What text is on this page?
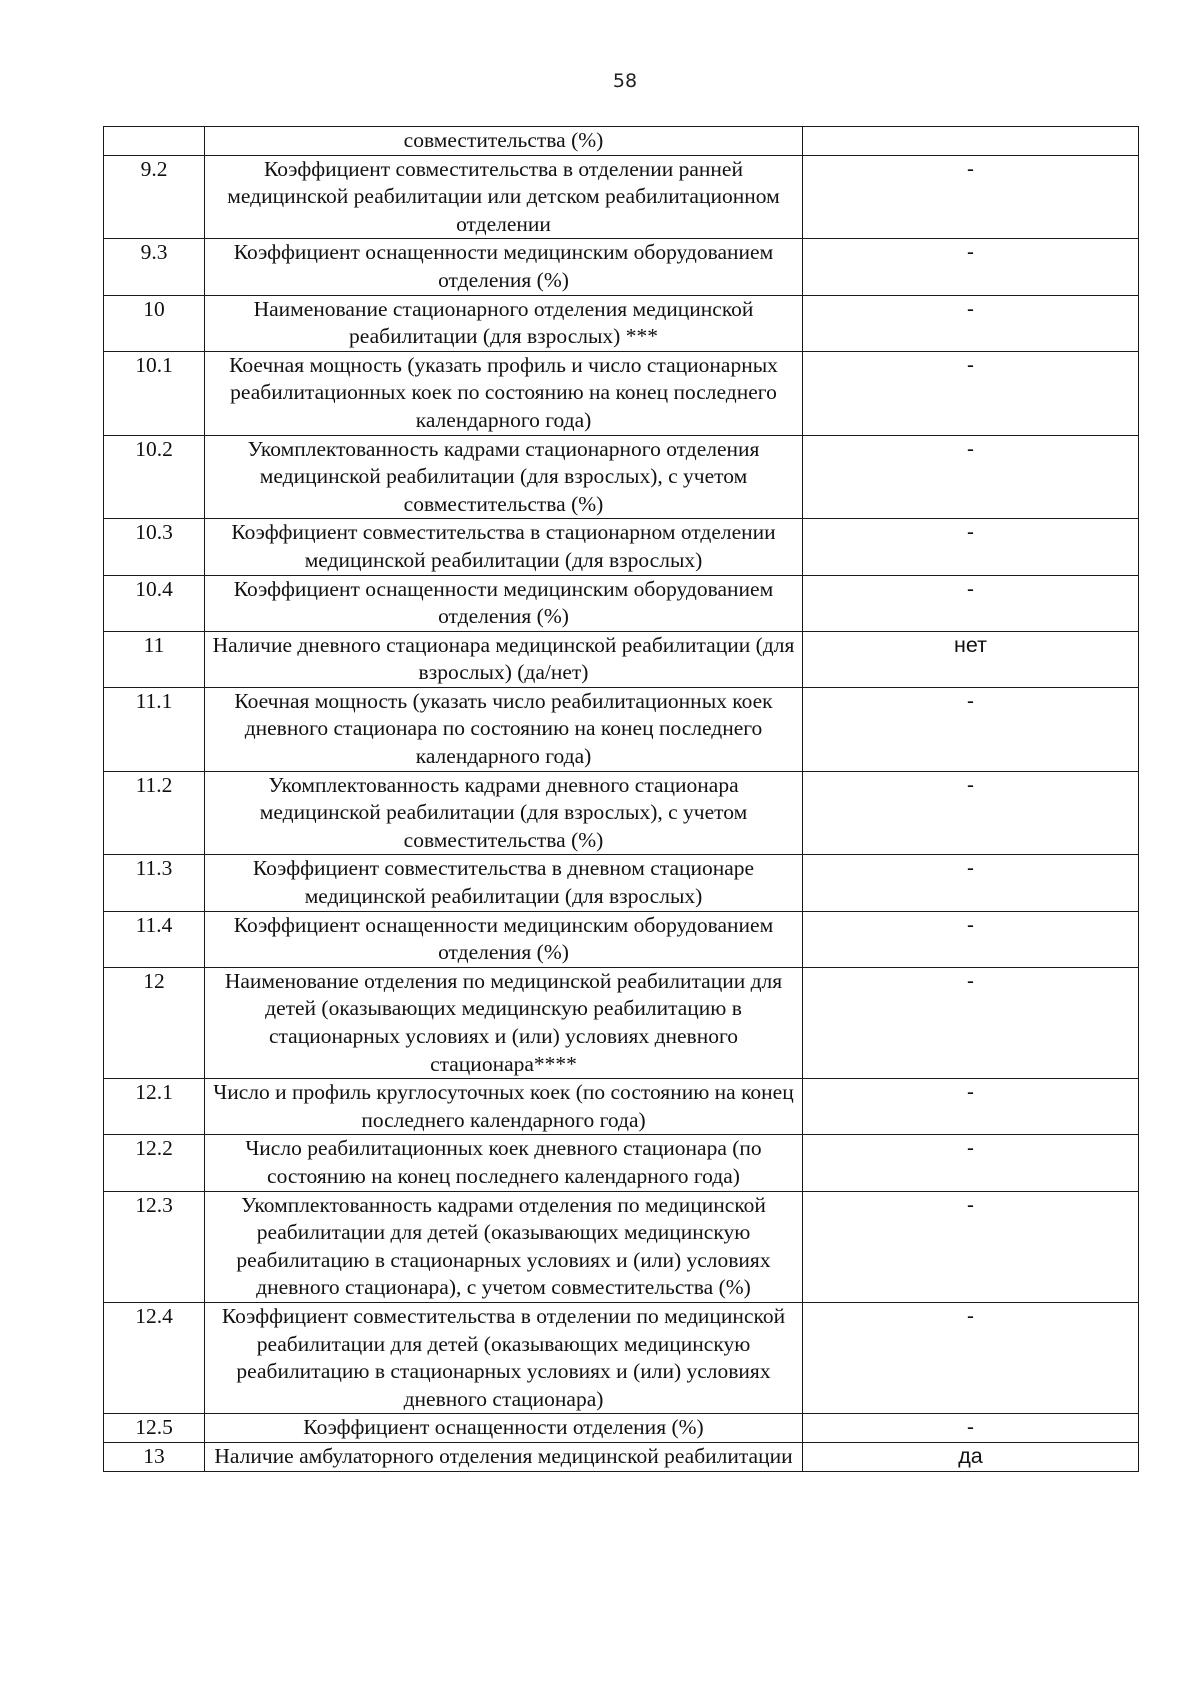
58
	совместительства (%)	
9.2	Коэффициент совместительства в отделении ранней медицинской реабилитации или детском реабилитационном отделении	-
9.3	Коэффициент оснащенности медицинским оборудованием отделения (%)	-
10	Наименование стационарного отделения медицинской реабилитации (для взрослых) ***	-
10.1	Коечная мощность (указать профиль и число стационарных реабилитационных коек по состоянию на конец последнего календарного года)	-
10.2	Укомплектованность кадрами стационарного отделения медицинской реабилитации (для взрослых), с учетом совместительства (%)	-
10.3	Коэффициент совместительства в стационарном отделении медицинской реабилитации (для взрослых)	-
10.4	Коэффициент оснащенности медицинским оборудованием отделения (%)	-
11	Наличие дневного стационара медицинской реабилитации (для взрослых) (да/нет)	нет
11.1	Коечная мощность (указать число реабилитационных коек дневного стационара по состоянию на конец последнего календарного года)	-
11.2	Укомплектованность кадрами дневного стационара медицинской реабилитации (для взрослых), с учетом совместительства (%)	-
11.3	Коэффициент совместительства в дневном стационаре медицинской реабилитации (для взрослых)	-
11.4	Коэффициент оснащенности медицинским оборудованием отделения (%)	-
12	Наименование отделения по медицинской реабилитации для детей (оказывающих медицинскую реабилитацию в стационарных условиях и (или) условиях дневного стационара****	-
12.1	Число и профиль круглосуточных коек (по состоянию на конец последнего календарного года)	-
12.2	Число реабилитационных коек дневного стационара (по состоянию на конец последнего календарного года)	-
12.3	Укомплектованность кадрами отделения по медицинской реабилитации для детей (оказывающих медицинскую реабилитацию в стационарных условиях и (или) условиях дневного стационара), с учетом совместительства (%)	-
12.4	Коэффициент совместительства в отделении по медицинской реабилитации для детей (оказывающих медицинскую реабилитацию в стационарных условиях и (или) условиях дневного стационара)	-
12.5	Коэффициент оснащенности отделения (%)	-
13	Наличие амбулаторного отделения медицинской реабилитации	да
